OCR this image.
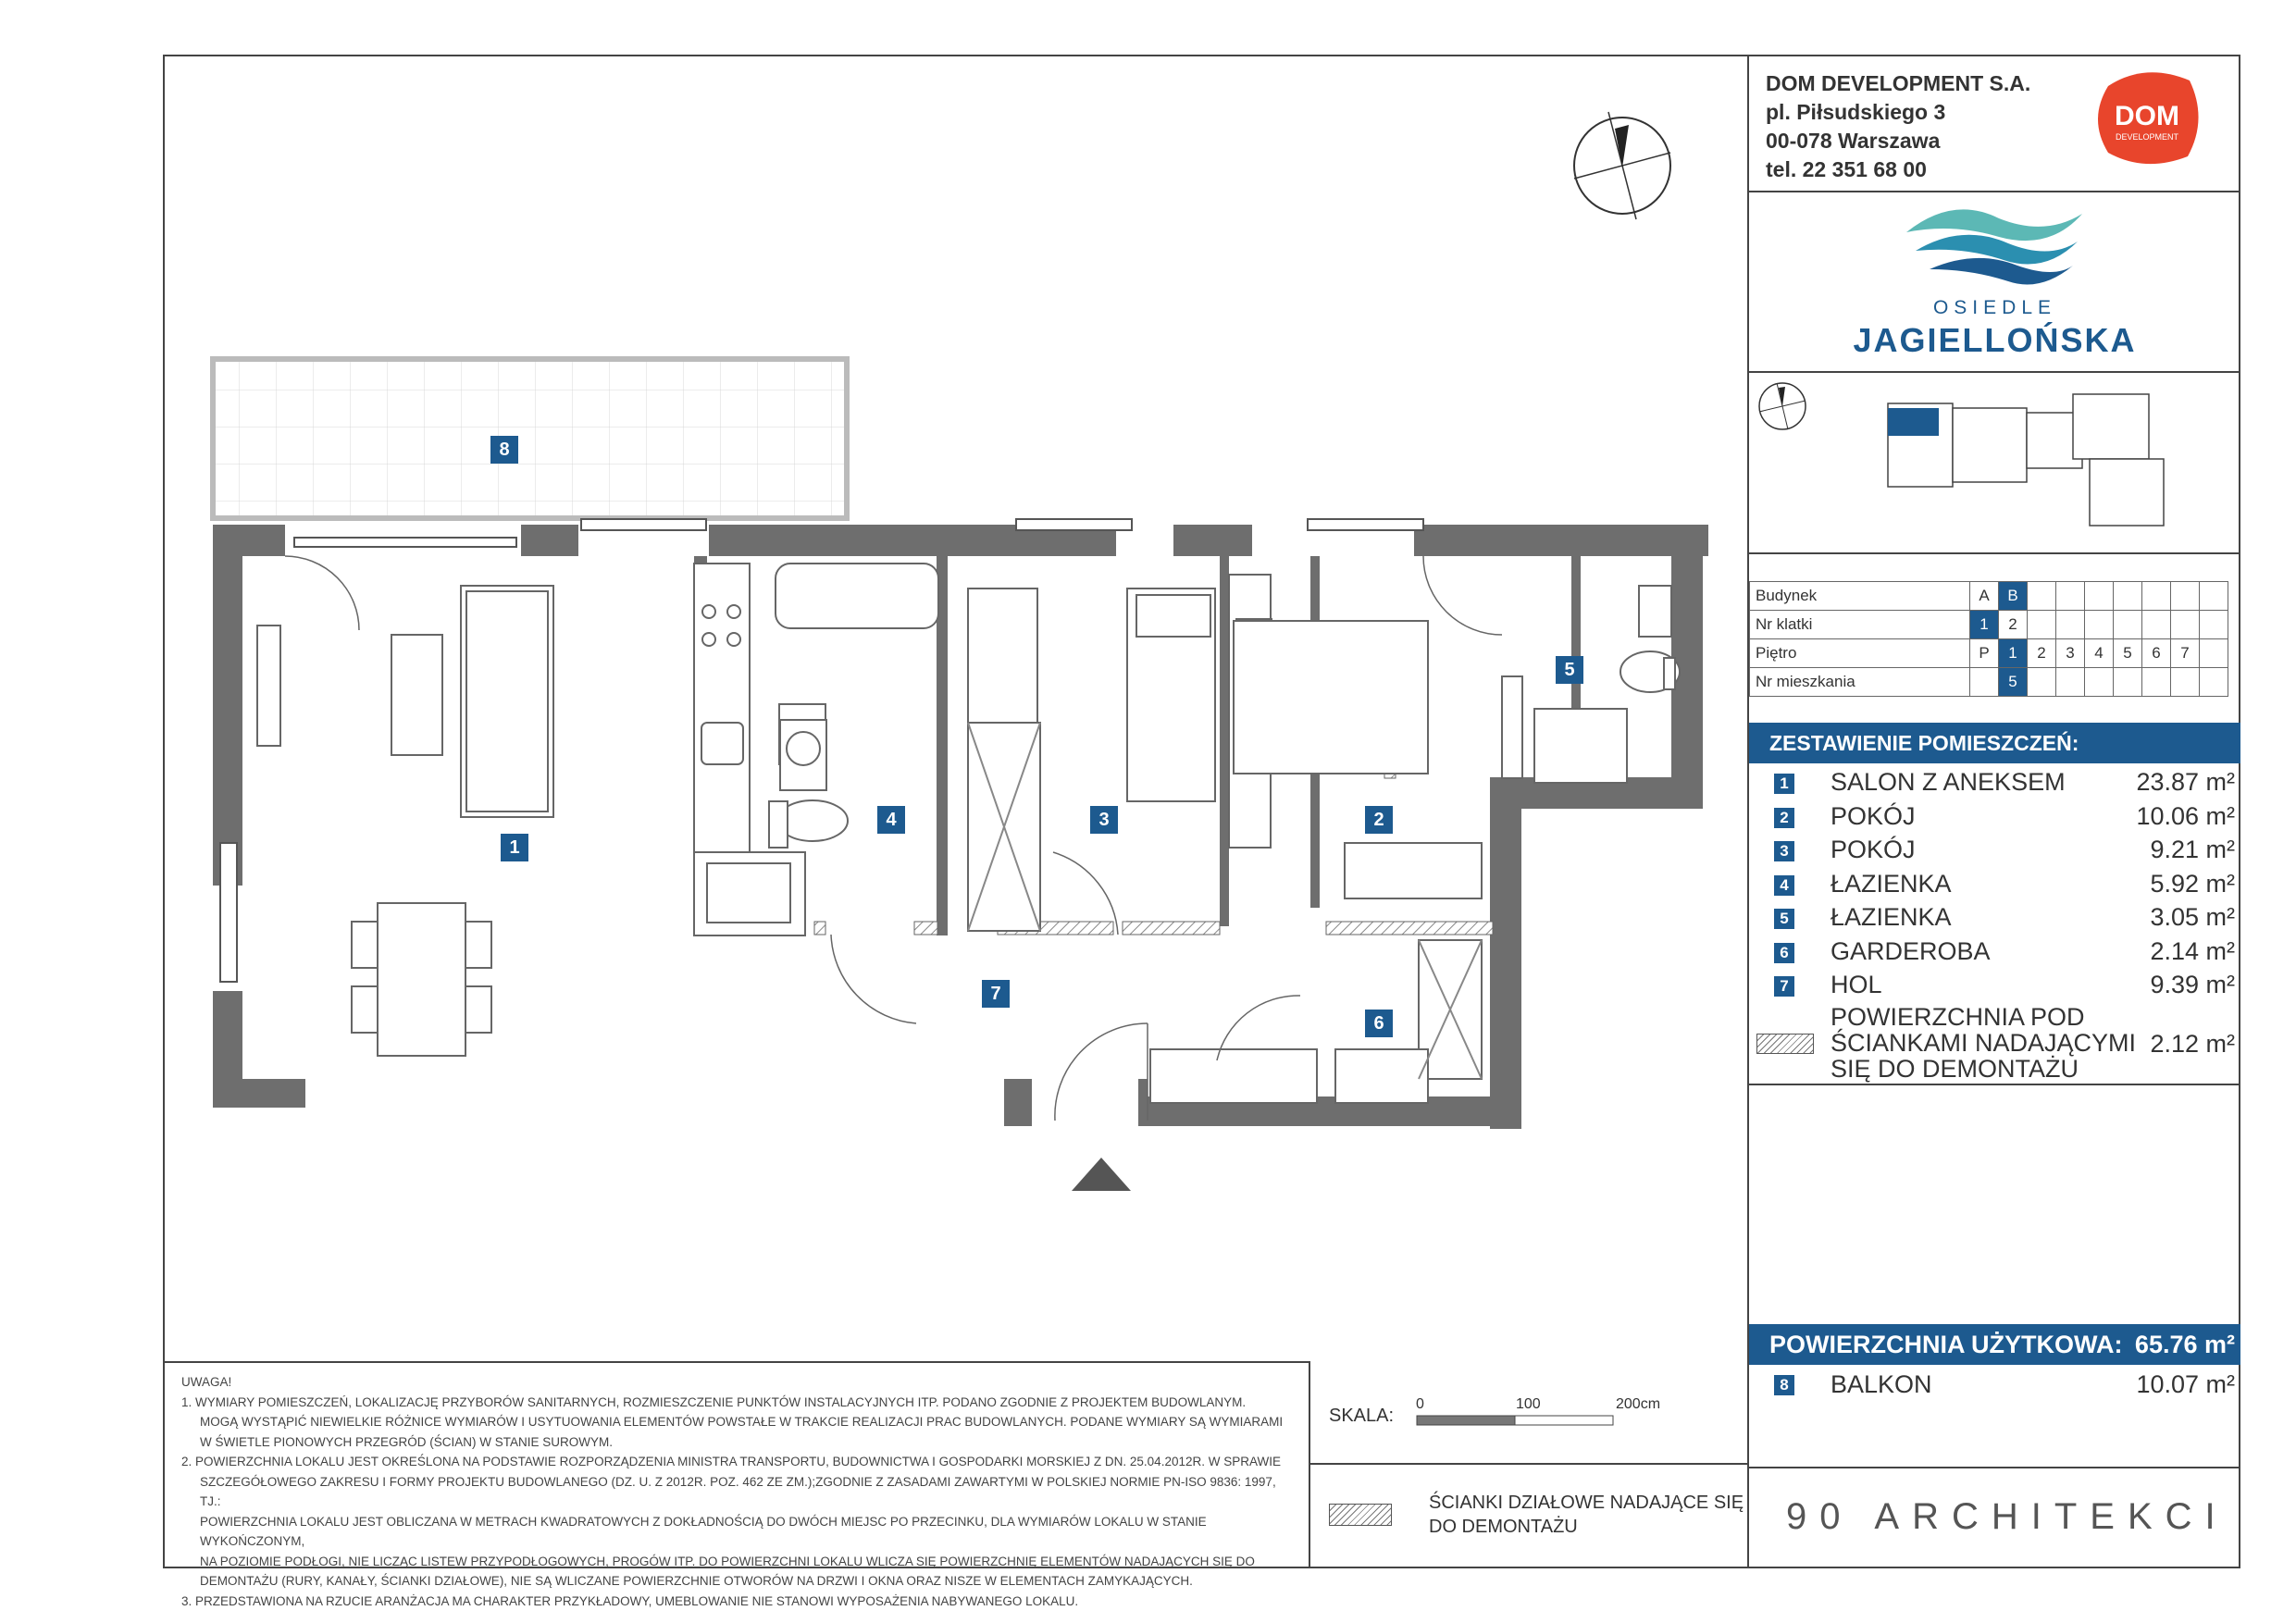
8
1
4	3	2
5
7
6
DOM DEVELOPMENT S.A.
pl. Piłsudskiego 3
00-078 Warszawa
tel. 22 351 68 00
DOM
DEVELOPMENT
OSIEDLE
JAGIELLOŃSKA
Budynek	A	B							
Nr klatki	1	2							
Piętro	P	1	2	3	4	5	6	7	
Nr mieszkania		5							
ZESTAWIENIE POMIESZCZEŃ:
1 SALON Z ANEKSEM	23.87 m²
2 POKÓJ	10.06 m²
3 POKÓJ	9.21 m²
4 ŁAZIENKA	5.92 m²
5 ŁAZIENKA	3.05 m²
6 GARDEROBA	2.14 m²
7 HOL	9.39 m²
POWIERZCHNIA POD
ŚCIANKAMI NADAJĄCYMI
SIĘ DO DEMONTAŻU
2.12 m²
POWIERZCHNIA UŻYTKOWA: 65.76 m²
8 BALKON	10.07 m²
90 ARCHITEKCI

UWAGA!

1. WYMIARY POMIESZCZEŃ, LOKALIZACJĘ PRZYBORÓW SANITARNYCH, ROZMIESZCZENIE PUNKTÓW INSTALACYJNYCH ITP. PODANO ZGODNIE Z PROJEKTEM BUDOWLANYM.

MOGĄ WYSTĄPIĆ NIEWIELKIE RÓŻNICE WYMIARÓW I USYTUOWANIA ELEMENTÓW POWSTAŁE W TRAKCIE REALIZACJI PRAC BUDOWLANYCH. PODANE WYMIARY SĄ WYMIARAMI

W ŚWIETLE PIONOWYCH PRZEGRÓD (ŚCIAN) W STANIE SUROWYM.

2. POWIERZCHNIA LOKALU JEST OKREŚLONA NA PODSTAWIE ROZPORZĄDZENIA MINISTRA TRANSPORTU, BUDOWNICTWA I GOSPODARKI MORSKIEJ Z DN. 25.04.2012R. W SPRAWIE

SZCZEGÓŁOWEGO ZAKRESU I FORMY PROJEKTU BUDOWLANEGO (DZ. U. Z 2012R. POZ. 462 ZE ZM.);ZGODNIE Z ZASADAMI ZAWARTYMI W POLSKIEJ NORMIE PN-ISO 9836: 1997, TJ.:

POWIERZCHNIA LOKALU JEST OBLICZANA W METRACH KWADRATOWYCH Z DOKŁADNOŚCIĄ DO DWÓCH MIEJSC PO PRZECINKU, DLA WYMIARÓW LOKALU W STANIE WYKOŃCZONYM,

NA POZIOMIE PODŁOGI, NIE LICZĄC LISTEW PRZYPODŁOGOWYCH, PROGÓW ITP. DO POWIERZCHNI LOKALU WLICZA SIĘ POWIERZCHNIĘ ELEMENTÓW NADAJĄCYCH SIĘ DO

DEMONTAŻU (RURY, KANAŁY, ŚCIANKI DZIAŁOWE), NIE SĄ WLICZANE POWIERZCHNIE OTWORÓW NA DRZWI I OKNA ORAZ NISZE W ELEMENTACH ZAMYKAJĄCYCH.

3. PRZEDSTAWIONA NA RZUCIE ARANŻACJA MA CHARAKTER PRZYKŁADOWY, UMEBLOWANIE NIE STANOWI WYPOSAŻENIA NABYWANEGO LOKALU.

SKALA:
0	100	200cm
ŚCIANKI DZIAŁOWE NADAJĄCE SIĘ
DO DEMONTAŻU
